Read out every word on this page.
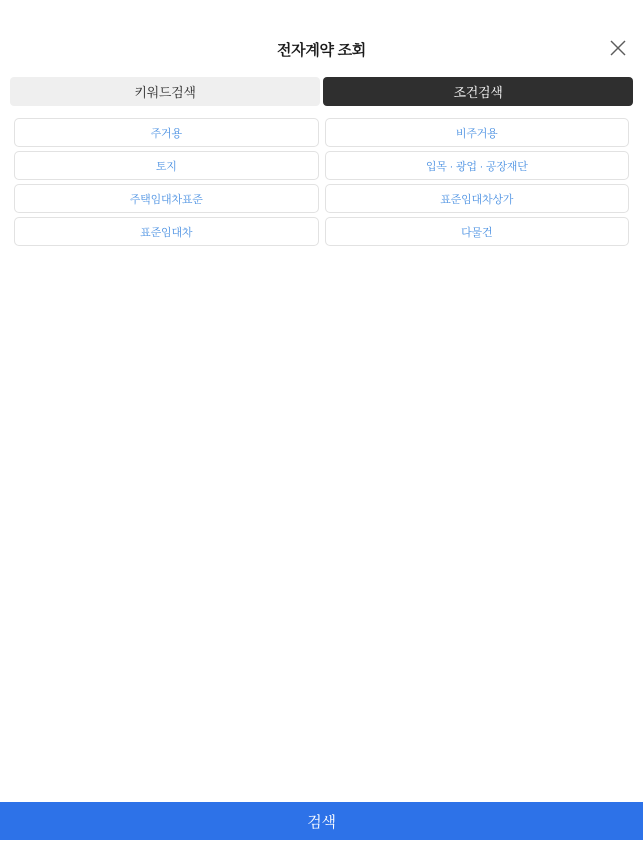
전자계약 조회
키워드검색	조건검색
주거용	비주거용
토지	입목 · 광업 · 공장재단
주택임대차표준	표준임대차상가
표준임대차	다물건
검색
